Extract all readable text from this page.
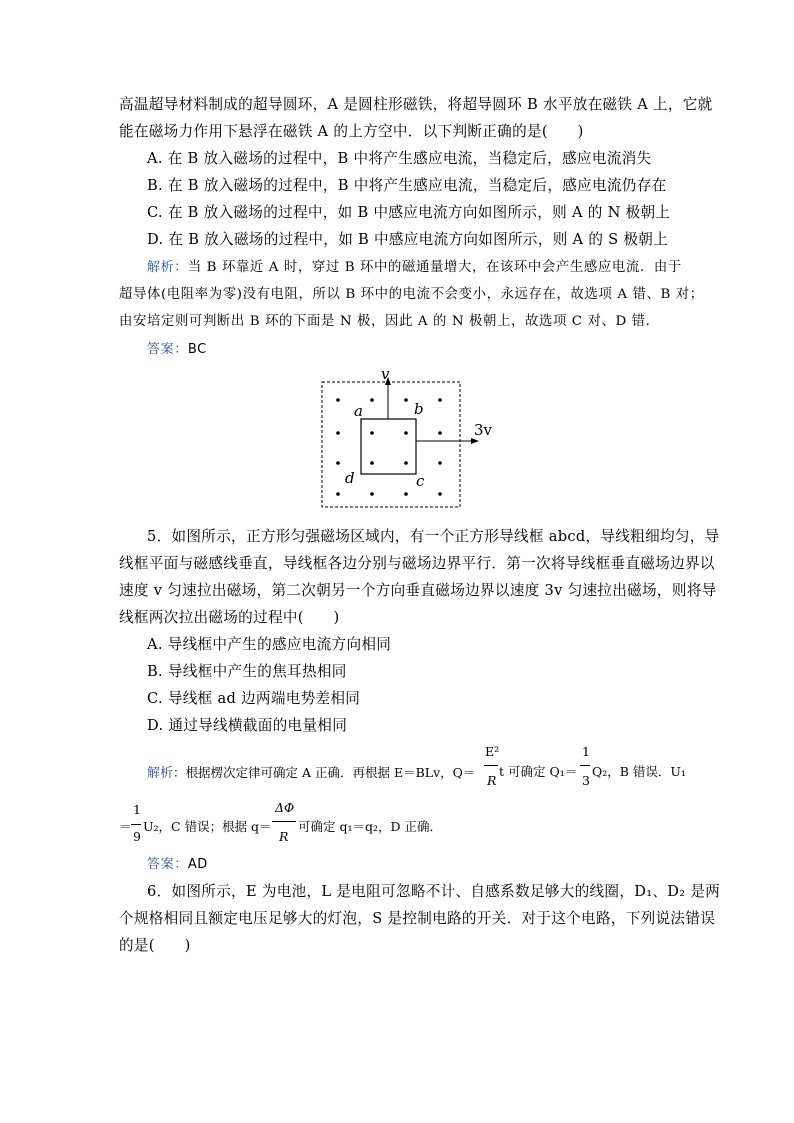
高温超导材料制成的超导圆环，A 是圆柱形磁铁，将超导圆环 B 水平放在磁铁 A 上，它就
能在磁场力作用下悬浮在磁铁 A 的上方空中．以下判断正确的是(　　)
A. 在 B 放入磁场的过程中，B 中将产生感应电流，当稳定后，感应电流消失
B. 在 B 放入磁场的过程中，B 中将产生感应电流，当稳定后，感应电流仍存在
C. 在 B 放入磁场的过程中，如 B 中感应电流方向如图所示，则 A 的 N 极朝上
D. 在 B 放入磁场的过程中，如 B 中感应电流方向如图所示，则 A 的 S 极朝上
解析：当 B 环靠近 A 时，穿过 B 环中的磁通量增大，在该环中会产生感应电流．由于
超导体(电阻率为零)没有电阻，所以 B 环中的电流不会变小，永远存在，故选项 A 错、B 对；
由安培定则可判断出 B 环的下面是 N 极，因此 A 的 N 极朝上，故选项 C 对、D 错．
答案：BC
v
3v
a	b
c
d
5．如图所示，正方形匀强磁场区域内，有一个正方形导线框 abcd，导线粗细均匀，导
线框平面与磁感线垂直，导线框各边分别与磁场边界平行．第一次将导线框垂直磁场边界以
速度 v 匀速拉出磁场，第二次朝另一个方向垂直磁场边界以速度 3v 匀速拉出磁场，则将导
线框两次拉出磁场的过程中(　　)
A. 导线框中产生的感应电流方向相同
B. 导线框中产生的焦耳热相同
C. 导线框 ad 边两端电势差相同
D. 通过导线横截面的电量相同
解析：根据楞次定律可确定 A 正确．再根据 E＝BLv，Q＝
E²
R
t 可确定 Q₁＝
1
3
Q₂，B 错误．U₁
1
＝
9
U₂，C 错误；根据 q＝
ΔΦ
R
可确定 q₁＝q₂，D 正确．
答案：AD
6．如图所示，E 为电池，L 是电阻可忽略不计、自感系数足够大的线圈，D₁、D₂ 是两
个规格相同且额定电压足够大的灯泡，S 是控制电路的开关．对于这个电路，下列说法错误
的是(　　)
